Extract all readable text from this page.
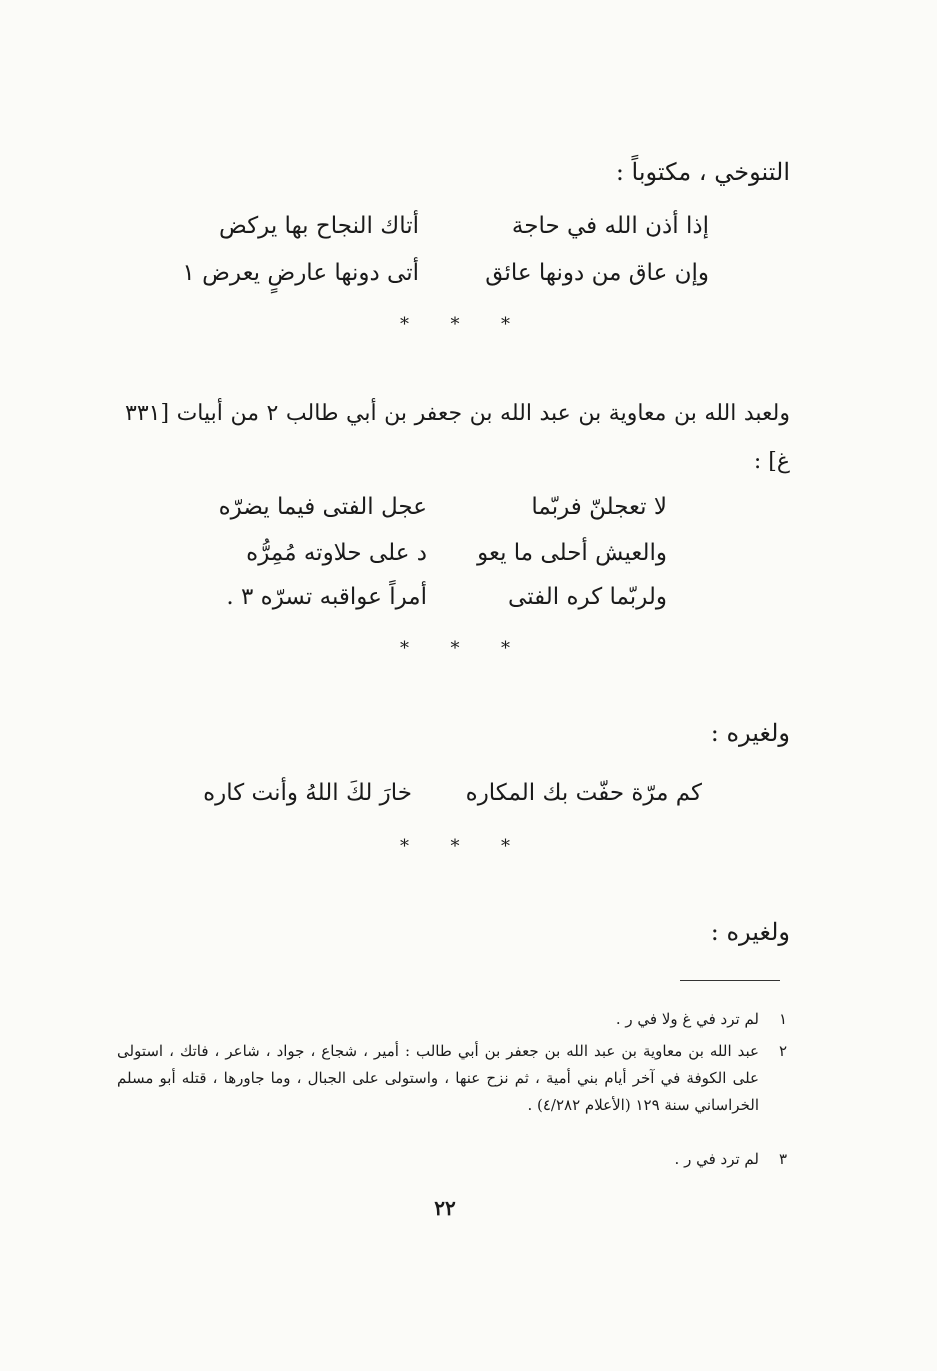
التنوخي ، مكتوباً :
إذا أذن الله في حاجة
أتاك النجاح بها يركض
وإن عاق من دونها عائق
أتى دونها عارضٍ يعرض ١
* * *
ولعبد الله بن معاوية بن عبد الله بن جعفر بن أبي طالب ٢ من أبيات [٣٣١ غ] :
لا تعجلنّ فربّما
عجل الفتى فيما يضرّه
والعيش أحلى ما يعو
د على حلاوته مُمِرُّه
ولربّما كره الفتى
أمراً عواقبه تسرّه ٣ .
* * *
ولغيره :
كم مرّة حفّت بك المكاره
خارَ لكَ اللهُ وأنت كاره
* * *
ولغيره :
١
لم ترد في غ ولا في ر .
٢
عبد الله بن معاوية بن عبد الله بن جعفر بن أبي طالب : أمير ، شجاع ، جواد ، شاعر ، فاتك ، استولى على الكوفة في آخر أيام بني أمية ، ثم نزح عنها ، واستولى على الجبال ، وما جاورها ، قتله أبو مسلم الخراساني سنة ١٢٩ (الأعلام ٤/٢٨٢) .
٣
لم ترد في ر .
٢٢
